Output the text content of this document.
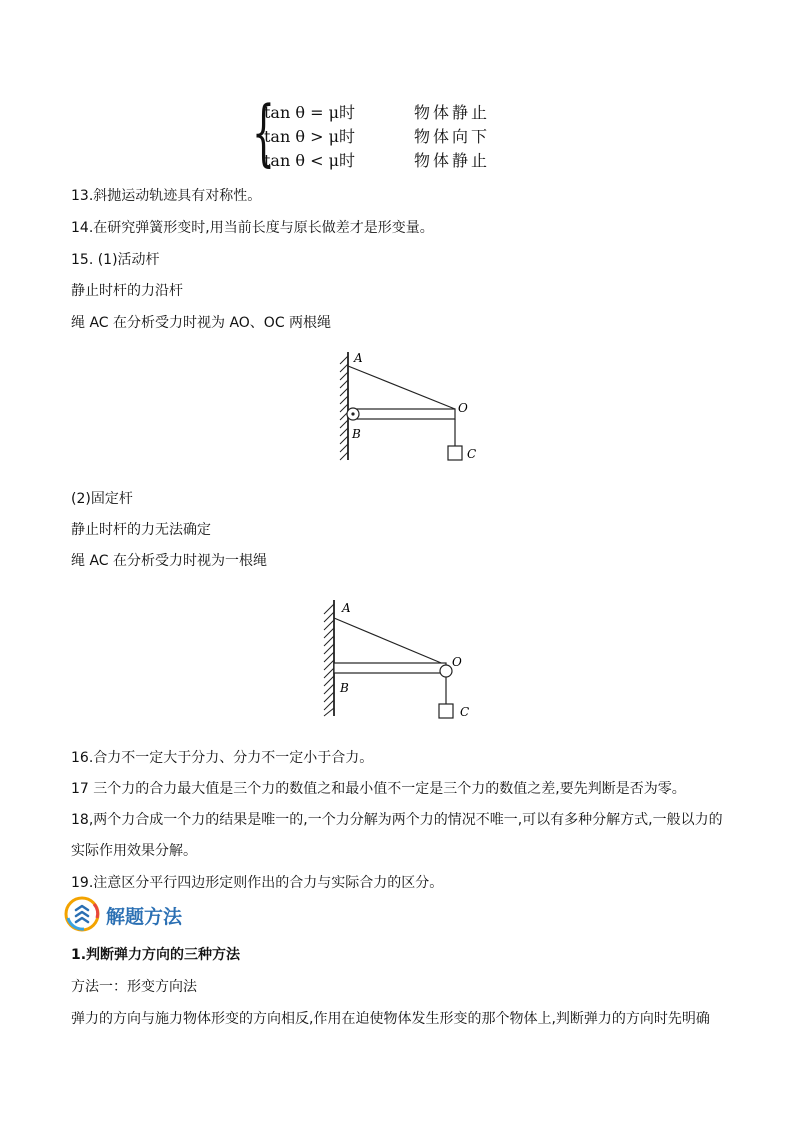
{
tan θ = μ时	物体静止
tan θ > μ时	物体向下
tan θ < μ时	物体静止
13.斜抛运动轨迹具有对称性。
14.在研究弹簧形变时,用当前长度与原长做差才是形变量。
15. (1)活动杆
静止时杆的力沿杆
绳 AC 在分析受力时视为 AO、OC 两根绳
A
B
O
C
(2)固定杆
静止时杆的力无法确定
绳 AC 在分析受力时视为一根绳
A
B
O
C
16.合力不一定大于分力、分力不一定小于合力。
17 三个力的合力最大值是三个力的数值之和最小值不一定是三个力的数值之差,要先判断是否为零。
18,两个力合成一个力的结果是唯一的,一个力分解为两个力的情况不唯一,可以有多种分解方式,一般以力的
实际作用效果分解。
19.注意区分平行四边形定则作出的合力与实际合力的区分。
解题方法
1.判断弹力方向的三种方法
方法一：形变方向法
弹力的方向与施力物体形变的方向相反,作用在迫使物体发生形变的那个物体上,判断弹力的方向时先明确
